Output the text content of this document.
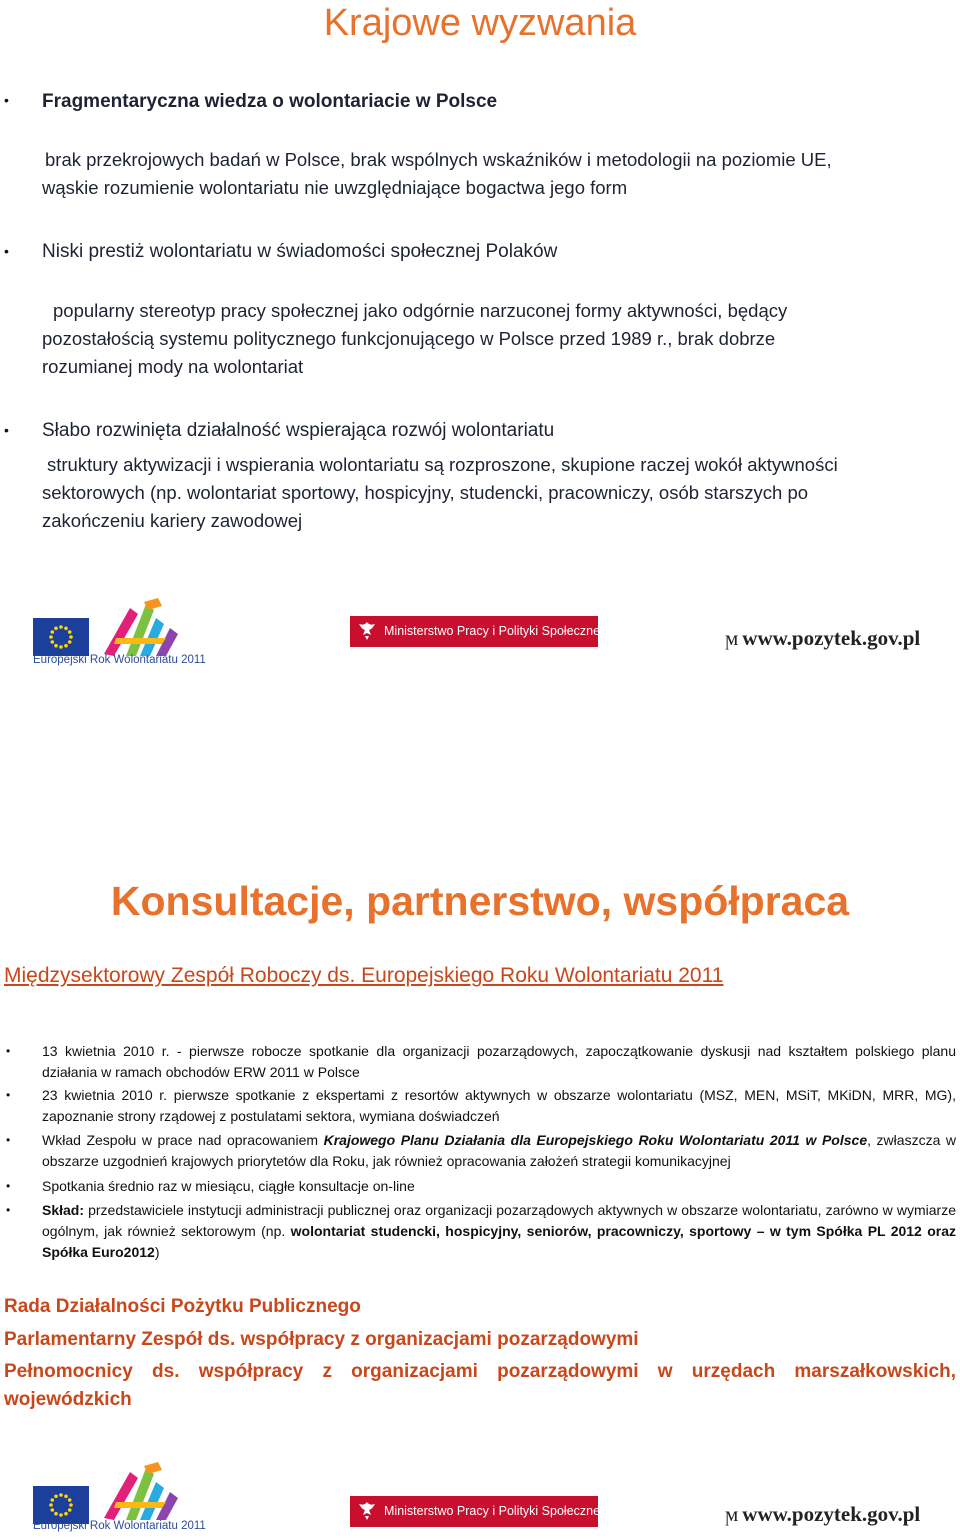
Krajowe wyzwania
• Fragmentaryczna wiedza o wolontariacie w Polsce
brak przekrojowych badań w Polsce, brak wspólnych wskaźników i metodologii na poziomie UE,
wąskie rozumienie wolontariatu nie uwzględniające bogactwa jego form
• Niski prestiż wolontariatu w świadomości społecznej Polaków
popularny stereotyp pracy społecznej jako odgórnie narzuconej formy aktywności, będący
pozostałością systemu politycznego funkcjonującego w Polsce przed 1989 r., brak dobrze
rozumianej mody na wolontariat
• Słabo rozwinięta działalność wspierająca rozwój wolontariatu
struktury aktywizacji i wspierania wolontariatu są rozproszone, skupione raczej wokół aktywności
sektorowych (np. wolontariat sportowy, hospicyjny, studencki, pracowniczy, osób starszych po
zakończeniu kariery zawodowej
Europejski Rok Wolontariatu 2011
Ministerstwo Pracy i Polityki Społecznej	ϻ www.pozytek.gov.pl
Konsultacje, partnerstwo, współpraca
Międzysektorowy Zespół Roboczy ds. Europejskiego Roku Wolontariatu 2011
• 13 kwietnia 2010 r. - pierwsze robocze spotkanie dla organizacji pozarządowych, zapoczątkowanie dyskusji nad kształtem polskiego planu działania w ramach obchodów ERW 2011 w Polsce
• 23 kwietnia 2010 r. pierwsze spotkanie z ekspertami z resortów aktywnych w obszarze wolontariatu (MSZ, MEN, MSiT, MKiDN, MRR, MG), zapoznanie strony rządowej z postulatami sektora, wymiana doświadczeń
• Wkład Zespołu w prace nad opracowaniem Krajowego Planu Działania dla Europejskiego Roku Wolontariatu 2011 w Polsce, zwłaszcza w obszarze uzgodnień krajowych priorytetów dla Roku, jak również opracowania założeń strategii komunikacyjnej
• Spotkania średnio raz w miesiącu, ciągłe konsultacje on-line
• Skład: przedstawiciele instytucji administracji publicznej oraz organizacji pozarządowych aktywnych w obszarze wolontariatu, zarówno w wymiarze ogólnym, jak również sektorowym (np. wolontariat studencki, hospicyjny, seniorów, pracowniczy, sportowy – w tym Spółka PL 2012 oraz Spółka Euro2012)
Rada Działalności Pożytku Publicznego
Parlamentarny Zespół ds. współpracy z organizacjami pozarządowymi
Pełnomocnicy ds. współpracy z organizacjami pozarządowymi w urzędach marszałkowskich, wojewódzkich
Europejski Rok Wolontariatu 2011
Ministerstwo Pracy i Polityki Społecznej	ϻ www.pozytek.gov.pl
